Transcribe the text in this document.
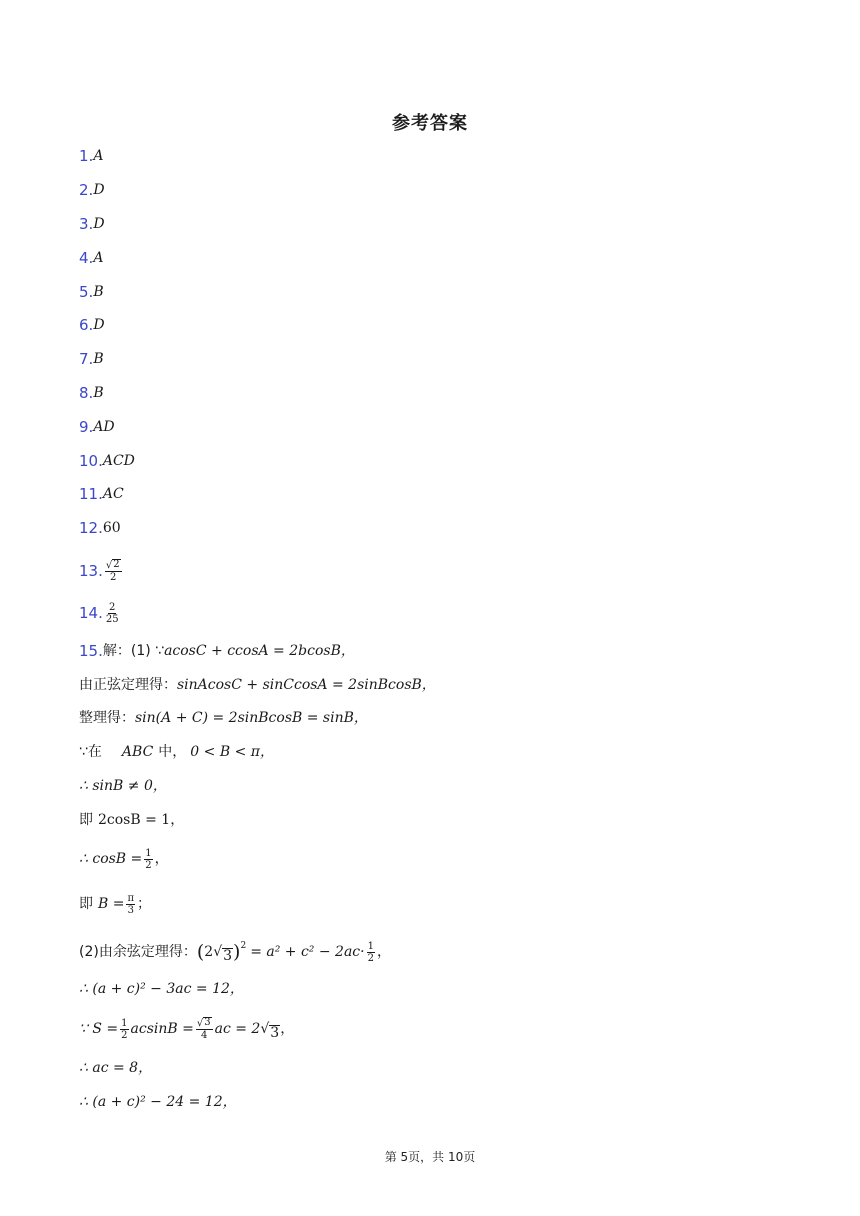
参考答案
1. A
2. D
3. D
4. A
5. B
6. D
7. B
8. B
9. AD
10. ACD
11. AC
12. 60
13. $\frac{√ 2}{2}$
14. $\frac{2}{25}$
15. 解：(1) ∵ acosC + ccosA = 2bcosB，
由正弦定理得： sinAcosC + sinCcosA = 2sinBcosB，
整理得： sin(A + C) = 2sinBcosB = sinB，
∵在 ABC 中， 0 < B < π，
∴ sinB ≠ 0，
即 2cosB = 1，
∴ $\cos B = \frac{1}{2}$ ，
即 $B = \frac{\pi}{3}$ ；
(2)由余弦定理得： ( 2 √ 3 )$^2 = a^2 + c^2 - 2ac\cdot \frac{1}{2}$ ，
∴ (a + c)² − 3ac = 12，
∵ $S = \frac{1}{2}$ $acsinB = \frac{√ 3}{4}$ ac = 2 √ 3 ，
∴ ac = 8，
∴ (a + c)² − 24 = 12，
第 5页，共 10页
